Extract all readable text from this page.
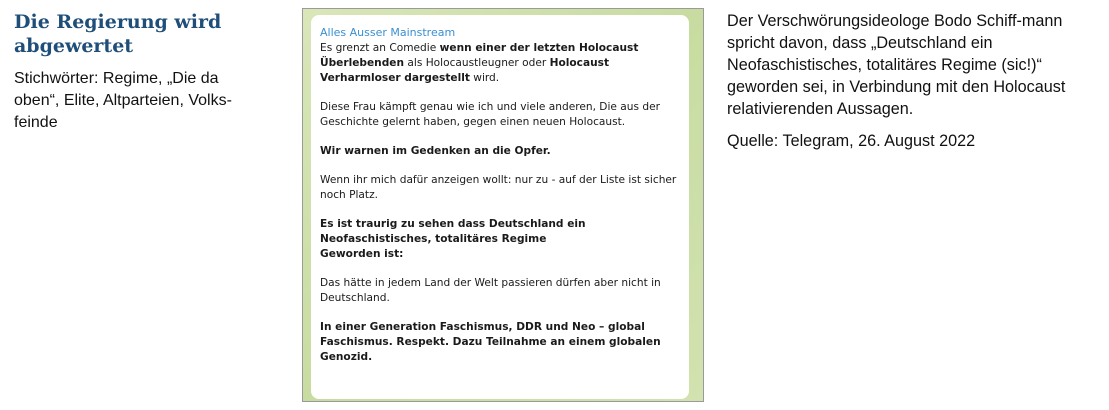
Die Regierung wird abgewertet

Stichwörter: Regime, „Die da oben“, Elite, Altparteien, Volks-feinde

Alles Ausser Mainstream

Es grenzt an Comedie wenn einer der letzten Holocaust Überlebenden als Holocaustleugner oder Holocaust Verharmloser dargestellt wird.

Diese Frau kämpft genau wie ich und viele anderen, Die aus der Geschichte gelernt haben, gegen einen neuen Holocaust.

Wir warnen im Gedenken an die Opfer.

Wenn ihr mich dafür anzeigen wollt: nur zu - auf der Liste ist sicher noch Platz.

Es ist traurig zu sehen dass Deutschland ein Neofaschistisches, totalitäres Regime
Geworden ist:

Das hätte in jedem Land der Welt passieren dürfen aber nicht in Deutschland.

In einer Generation Faschismus, DDR und Neo – global Faschismus. Respekt. Dazu Teilnahme an einem globalen Genozid.

Der Verschwörungsideologe Bodo Schiff-mann spricht davon, dass „Deutschland ein Neofaschistisches, totalitäres Regime (sic!)“ geworden sei, in Verbindung mit den Holocaust relativierenden Aussagen.

Quelle: Telegram, 26. August 2022
